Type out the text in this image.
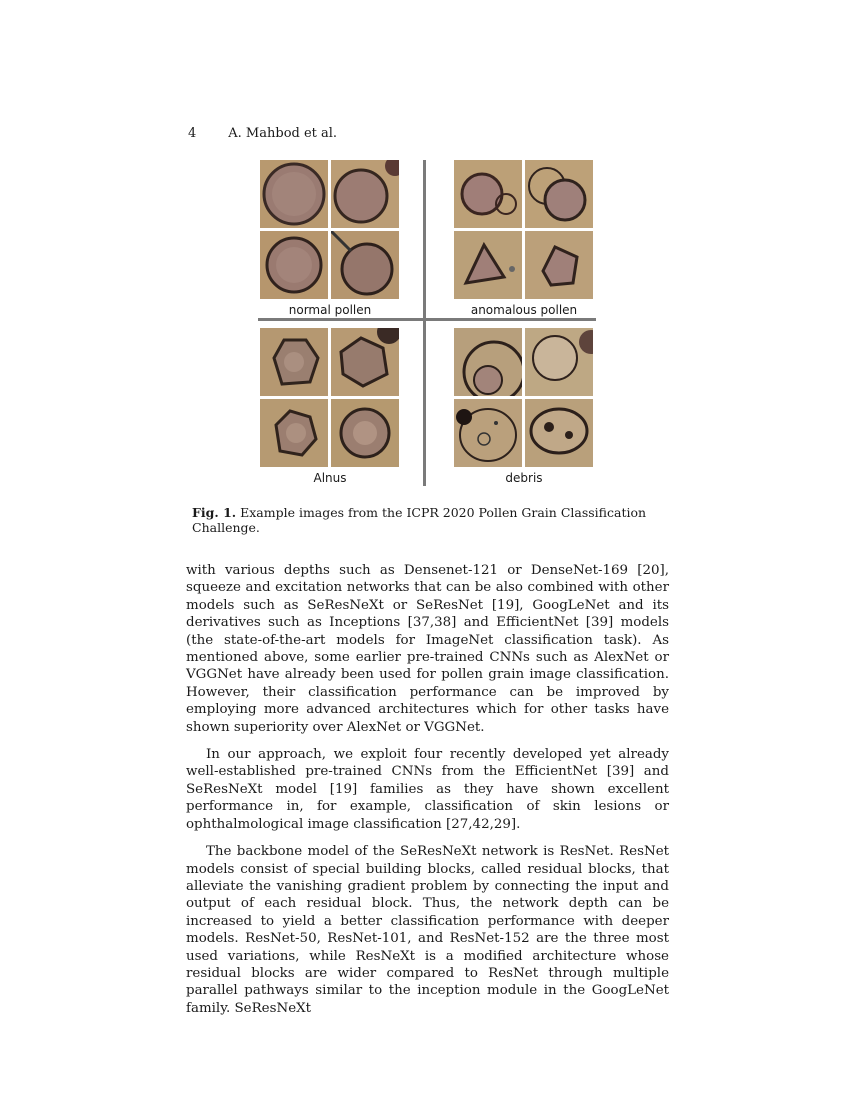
4 A. Mahbod et al.
normal pollen	anomalous pollen
Alnus	debris
Fig. 1. Example images from the ICPR 2020 Pollen Grain Classification Challenge.

with various depths such as Densenet-121 or DenseNet-169 [20], squeeze and excitation networks that can be also combined with other models such as SeResNeXt or SeResNet [19], GoogLeNet and its derivatives such as Inceptions [37,38] and EfficientNet [39] models (the state-of-the-art models for ImageNet classification task). As mentioned above, some earlier pre-trained CNNs such as AlexNet or VGGNet have already been used for pollen grain image classification. However, their classification performance can be improved by employing more advanced architectures which for other tasks have shown superiority over AlexNet or VGGNet.

In our approach, we exploit four recently developed yet already well-established pre-trained CNNs from the EfficientNet [39] and SeResNeXt model [19] families as they have shown excellent performance in, for example, classification of skin lesions or ophthalmological image classification [27,42,29].

The backbone model of the SeResNeXt network is ResNet. ResNet models consist of special building blocks, called residual blocks, that alleviate the vanishing gradient problem by connecting the input and output of each residual block. Thus, the network depth can be increased to yield a better classification performance with deeper models. ResNet-50, ResNet-101, and ResNet-152 are the three most used variations, while ResNeXt is a modified architecture whose residual blocks are wider compared to ResNet through multiple parallel pathways similar to the inception module in the GoogLeNet family. SeResNeXt
